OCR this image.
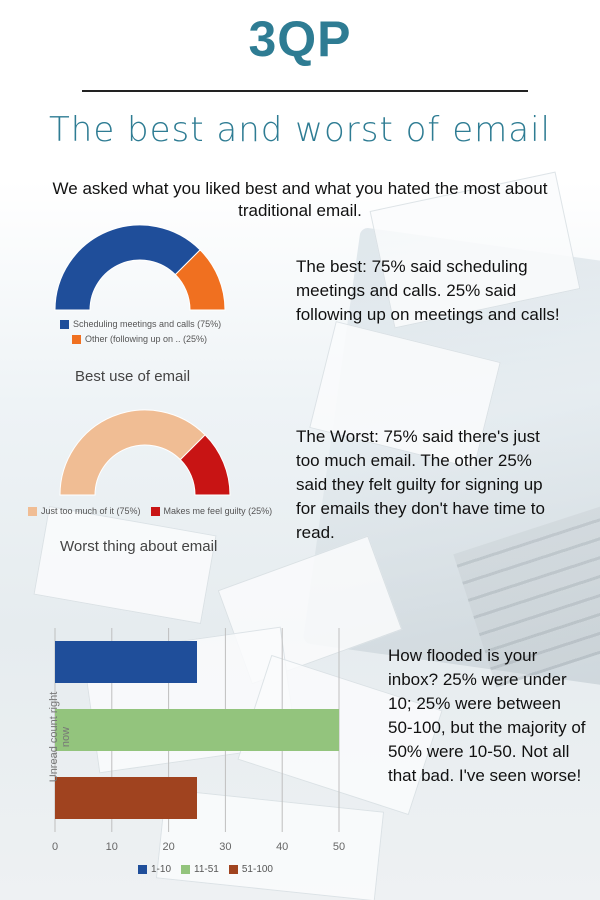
3QP
The best and worst of email
We asked what you liked best and what you hated the most about traditional email.
Scheduling meetings and calls (75%)
Other (following up on .. (25%)
Best use of email
The best: 75% said scheduling meetings and calls. 25% said following up on meetings and calls!
Just too much of it (75%)	Makes me feel guilty (25%)
Worst thing about email
The Worst: 75% said there's just too much email. The other 25% said they felt guilty for signing up for emails they don't have time to read.
0	10	20	30	40	50
Unread count right now
1-10 11-51 51-100
How flooded is your inbox? 25% were under 10; 25% were between 50-100, but the majority of 50% were 10-50. Not all that bad. I've seen worse!
